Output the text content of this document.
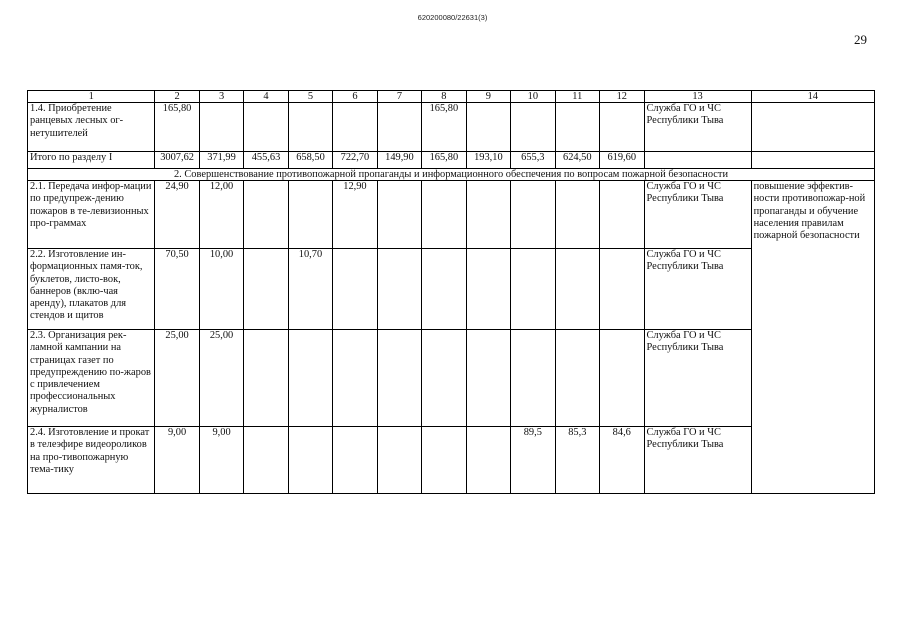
620200080/22631(3)
29
1	2	3	4	5	6	7	8	9	10	11	12	13	14
1.4. Приобретение ранцевых лесных ог-нетушителей	165,80						165,80					Служба ГО и ЧС Республики Тыва	
Итого по разделу I	3007,62	371,99	455,63	658,50	722,70	149,90	165,80	193,10	655,3	624,50	619,60		
2. Совершенствование противопожарной пропаганды и информационного обеспечения по вопросам пожарной безопасности													
2.1. Передача инфор-мации по предупреж-дению пожаров в те-левизионных про-граммах	24,90	12,00			12,90							Служба ГО и ЧС Республики Тыва	повышение эффектив-ности противопожар-ной пропаганды и обучение населения правилам пожарной безопасности
2.2. Изготовление ин-формационных памя-ток, буклетов, листо-вок, баннеров (вклю-чая аренду), плакатов для стендов и щитов	70,50	10,00		10,70								Служба ГО и ЧС Республики Тыва	
2.3. Организация рек-ламной кампании на страницах газет по предупреждению по-жаров с привлечением профессиональных журналистов	25,00	25,00										Служба ГО и ЧС Республики Тыва	
2.4. Изготовление и прокат в телеэфире видеороликов на про-тивопожарную тема-тику	9,00	9,00							89,5	85,3	84,6	Служба ГО и ЧС Республики Тыва	
